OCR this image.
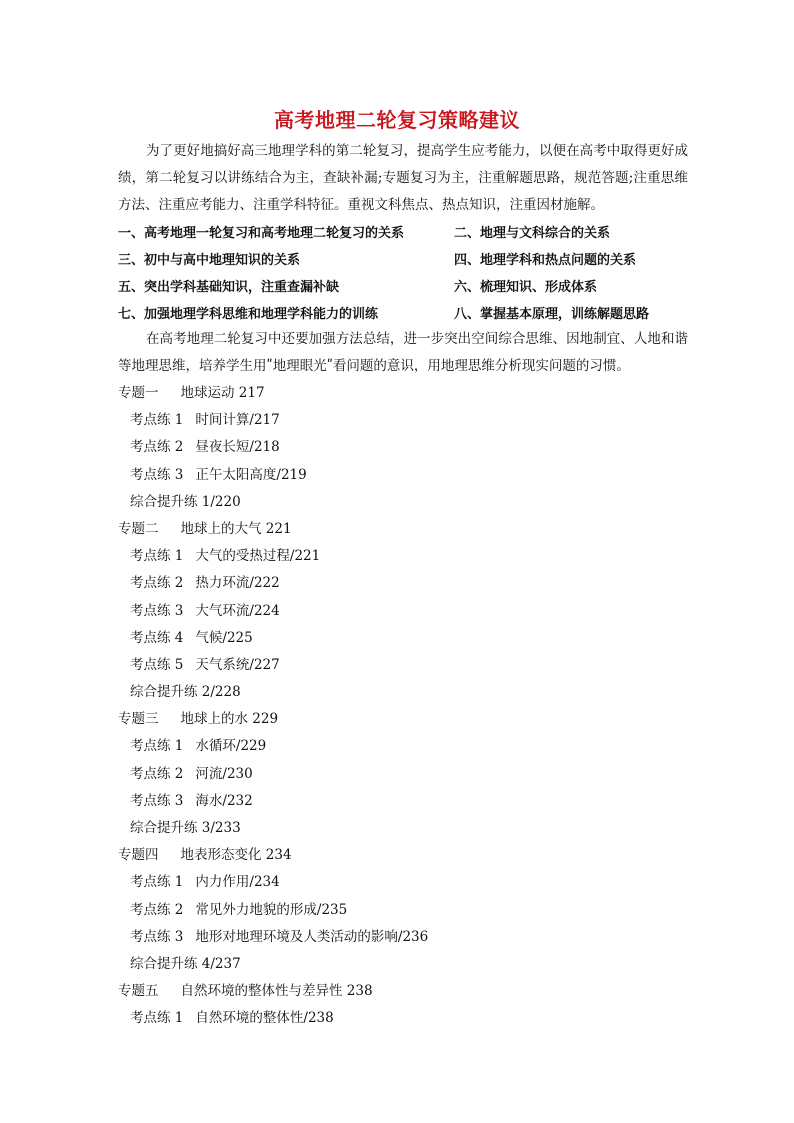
高考地理二轮复习策略建议
为了更好地搞好高三地理学科的第二轮复习，提高学生应考能力，以便在高考中取得更好成绩，第二轮复习以讲练结合为主，查缺补漏;专题复习为主，注重解题思路，规范答题;注重思维方法、注重应考能力、注重学科特征。重视文科焦点、热点知识，注重因材施解。
一、高考地理一轮复习和高考地理二轮复习的关系	二、地理与文科综合的关系
三、初中与高中地理知识的关系	四、地理学科和热点问题的关系
五、突出学科基础知识，注重查漏补缺	六、梳理知识、形成体系
七、加强地理学科思维和地理学科能力的训练	八、掌握基本原理，训练解题思路
在高考地理二轮复习中还要加强方法总结，进一步突出空间综合思维、因地制宜、人地和谐等地理思维，培养学生用ʺ地理眼光ʺ看问题的意识，用地理思维分析现实问题的习惯。
专题一 地球运动 217
考点练 1 时间计算/217
考点练 2 昼夜长短/218
考点练 3 正午太阳高度/219
综合提升练 1/220
专题二 地球上的大气 221
考点练 1 大气的受热过程/221
考点练 2 热力环流/222
考点练 3 大气环流/224
考点练 4 气候/225
考点练 5 天气系统/227
综合提升练 2/228
专题三 地球上的水 229
考点练 1 水循环/229
考点练 2 河流/230
考点练 3 海水/232
综合提升练 3/233
专题四 地表形态变化 234
考点练 1 内力作用/234
考点练 2 常见外力地貌的形成/235
考点练 3 地形对地理环境及人类活动的影响/236
综合提升练 4/237
专题五 自然环境的整体性与差异性 238
考点练 1 自然环境的整体性/238
